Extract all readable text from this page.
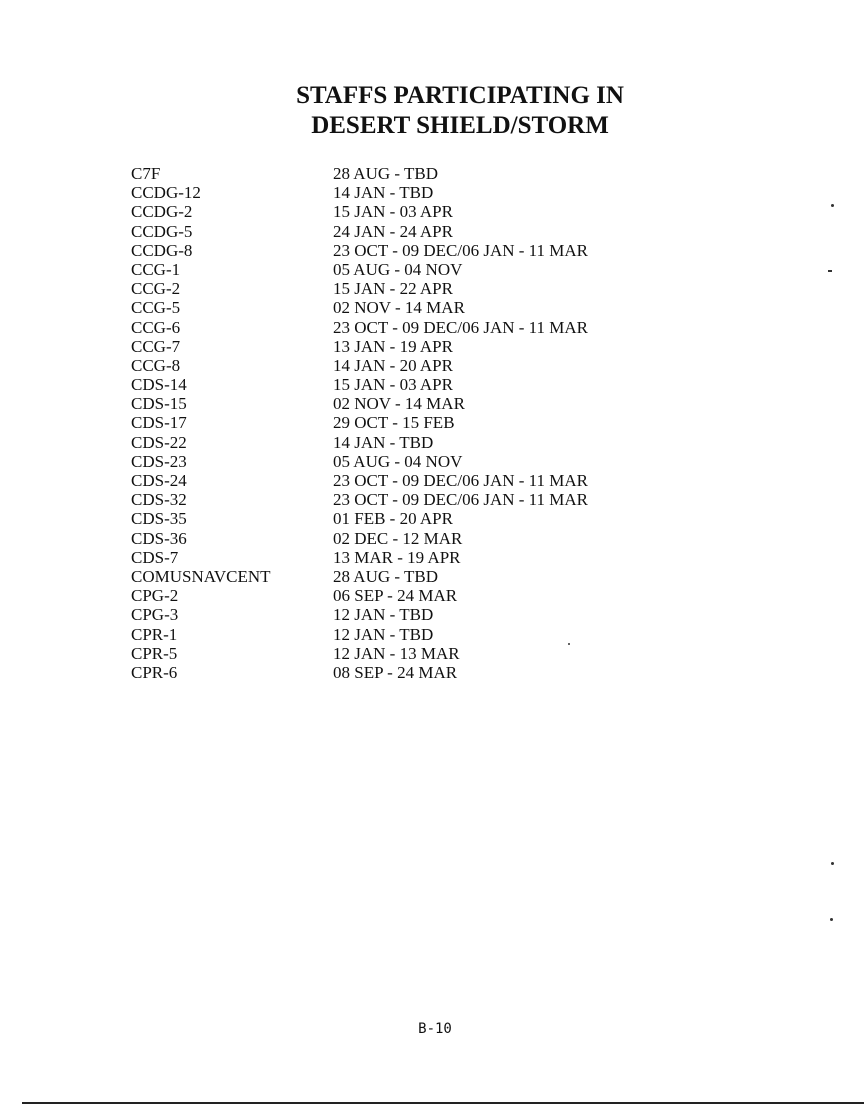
STAFFS PARTICIPATING IN
DESERT SHIELD/STORM
C7F	28 AUG - TBD
CCDG-12	14 JAN - TBD
CCDG-2	15 JAN - 03 APR
CCDG-5	24 JAN - 24 APR
CCDG-8	23 OCT - 09 DEC/06 JAN - 11 MAR
CCG-1	05 AUG - 04 NOV
CCG-2	15 JAN - 22 APR
CCG-5	02 NOV - 14 MAR
CCG-6	23 OCT - 09 DEC/06 JAN - 11 MAR
CCG-7	13 JAN - 19 APR
CCG-8	14 JAN - 20 APR
CDS-14	15 JAN - 03 APR
CDS-15	02 NOV - 14 MAR
CDS-17	29 OCT - 15 FEB
CDS-22	14 JAN - TBD
CDS-23	05 AUG - 04 NOV
CDS-24	23 OCT - 09 DEC/06 JAN - 11 MAR
CDS-32	23 OCT - 09 DEC/06 JAN - 11 MAR
CDS-35	01 FEB - 20 APR
CDS-36	02 DEC - 12 MAR
CDS-7	13 MAR - 19 APR
COMUSNAVCENT	28 AUG - TBD
CPG-2	06 SEP - 24 MAR
CPG-3	12 JAN - TBD
CPR-1	12 JAN - TBD
CPR-5	12 JAN - 13 MAR
CPR-6	08 SEP - 24 MAR
B-10
